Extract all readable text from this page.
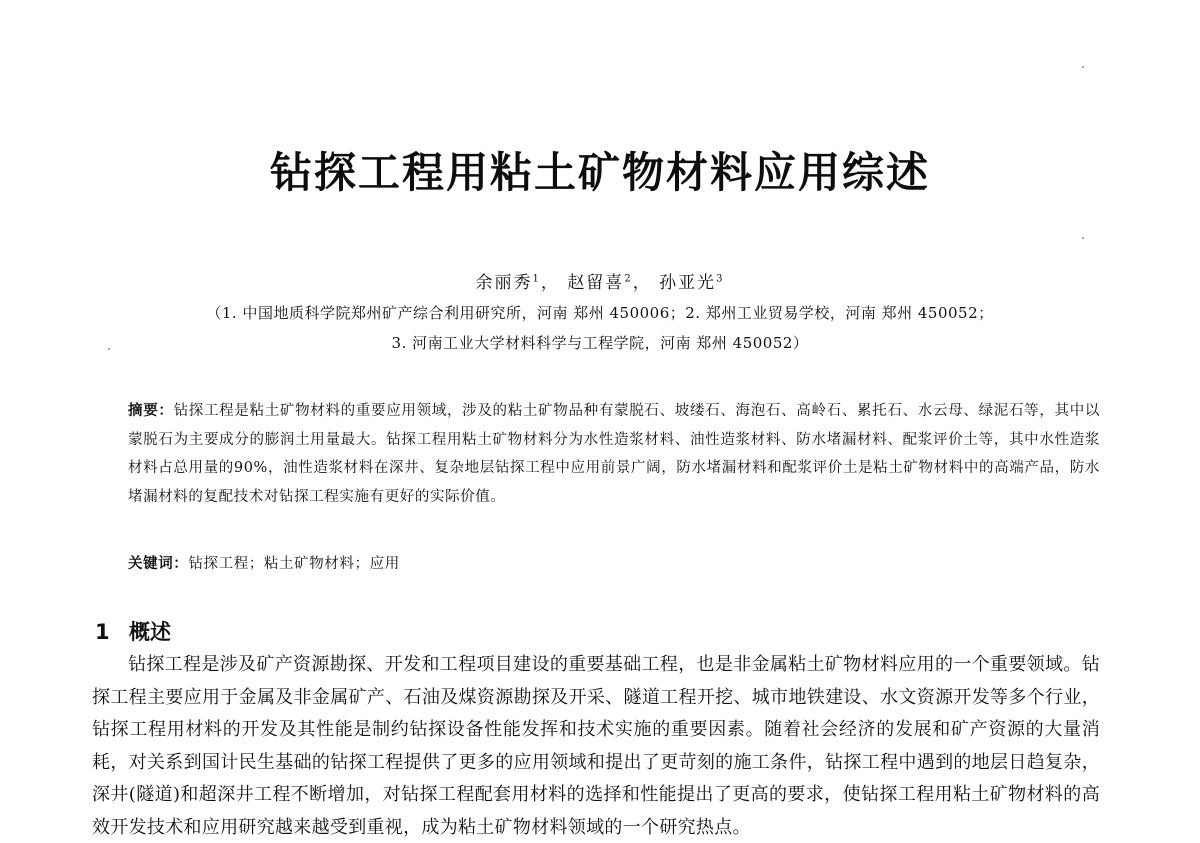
钻探工程用粘土矿物材料应用综述
余丽秀$^1$， 赵留喜$^2$， 孙亚光$^3$
（1. 中国地质科学院郑州矿产综合利用研究所，河南 郑州 450006；2. 郑州工业贸易学校，河南 郑州 450052；
3. 河南工业大学材料科学与工程学院，河南 郑州 450052）
摘要：钻探工程是粘土矿物材料的重要应用领域，涉及的粘土矿物品种有蒙脱石、坡缕石、海泡石、高岭石、累托石、水云母、绿泥石等，其中以蒙脱石为主要成分的膨润土用量最大。钻探工程用粘土矿物材料分为水性造浆材料、油性造浆材料、防水堵漏材料、配浆评价土等，其中水性造浆材料占总用量的90%，油性造浆材料在深井、复杂地层钻探工程中应用前景广阔，防水堵漏材料和配浆评价土是粘土矿物材料中的高端产品，防水堵漏材料的复配技术对钻探工程实施有更好的实际价值。
关键词：钻探工程；粘土矿物材料；应用
1 概述
钻探工程是涉及矿产资源勘探、开发和工程项目建设的重要基础工程，也是非金属粘土矿物材料应用的一个重要领域。钻探工程主要应用于金属及非金属矿产、石油及煤资源勘探及开采、隧道工程开挖、城市地铁建设、水文资源开发等多个行业，钻探工程用材料的开发及其性能是制约钻探设备性能发挥和技术实施的重要因素。随着社会经济的发展和矿产资源的大量消耗，对关系到国计民生基础的钻探工程提供了更多的应用领域和提出了更苛刻的施工条件，钻探工程中遇到的地层日趋复杂，深井(隧道)和超深井工程不断增加，对钻探工程配套用材料的选择和性能提出了更高的要求，使钻探工程用粘土矿物材料的高效开发技术和应用研究越来越受到重视，成为粘土矿物材料领域的一个研究热点。
